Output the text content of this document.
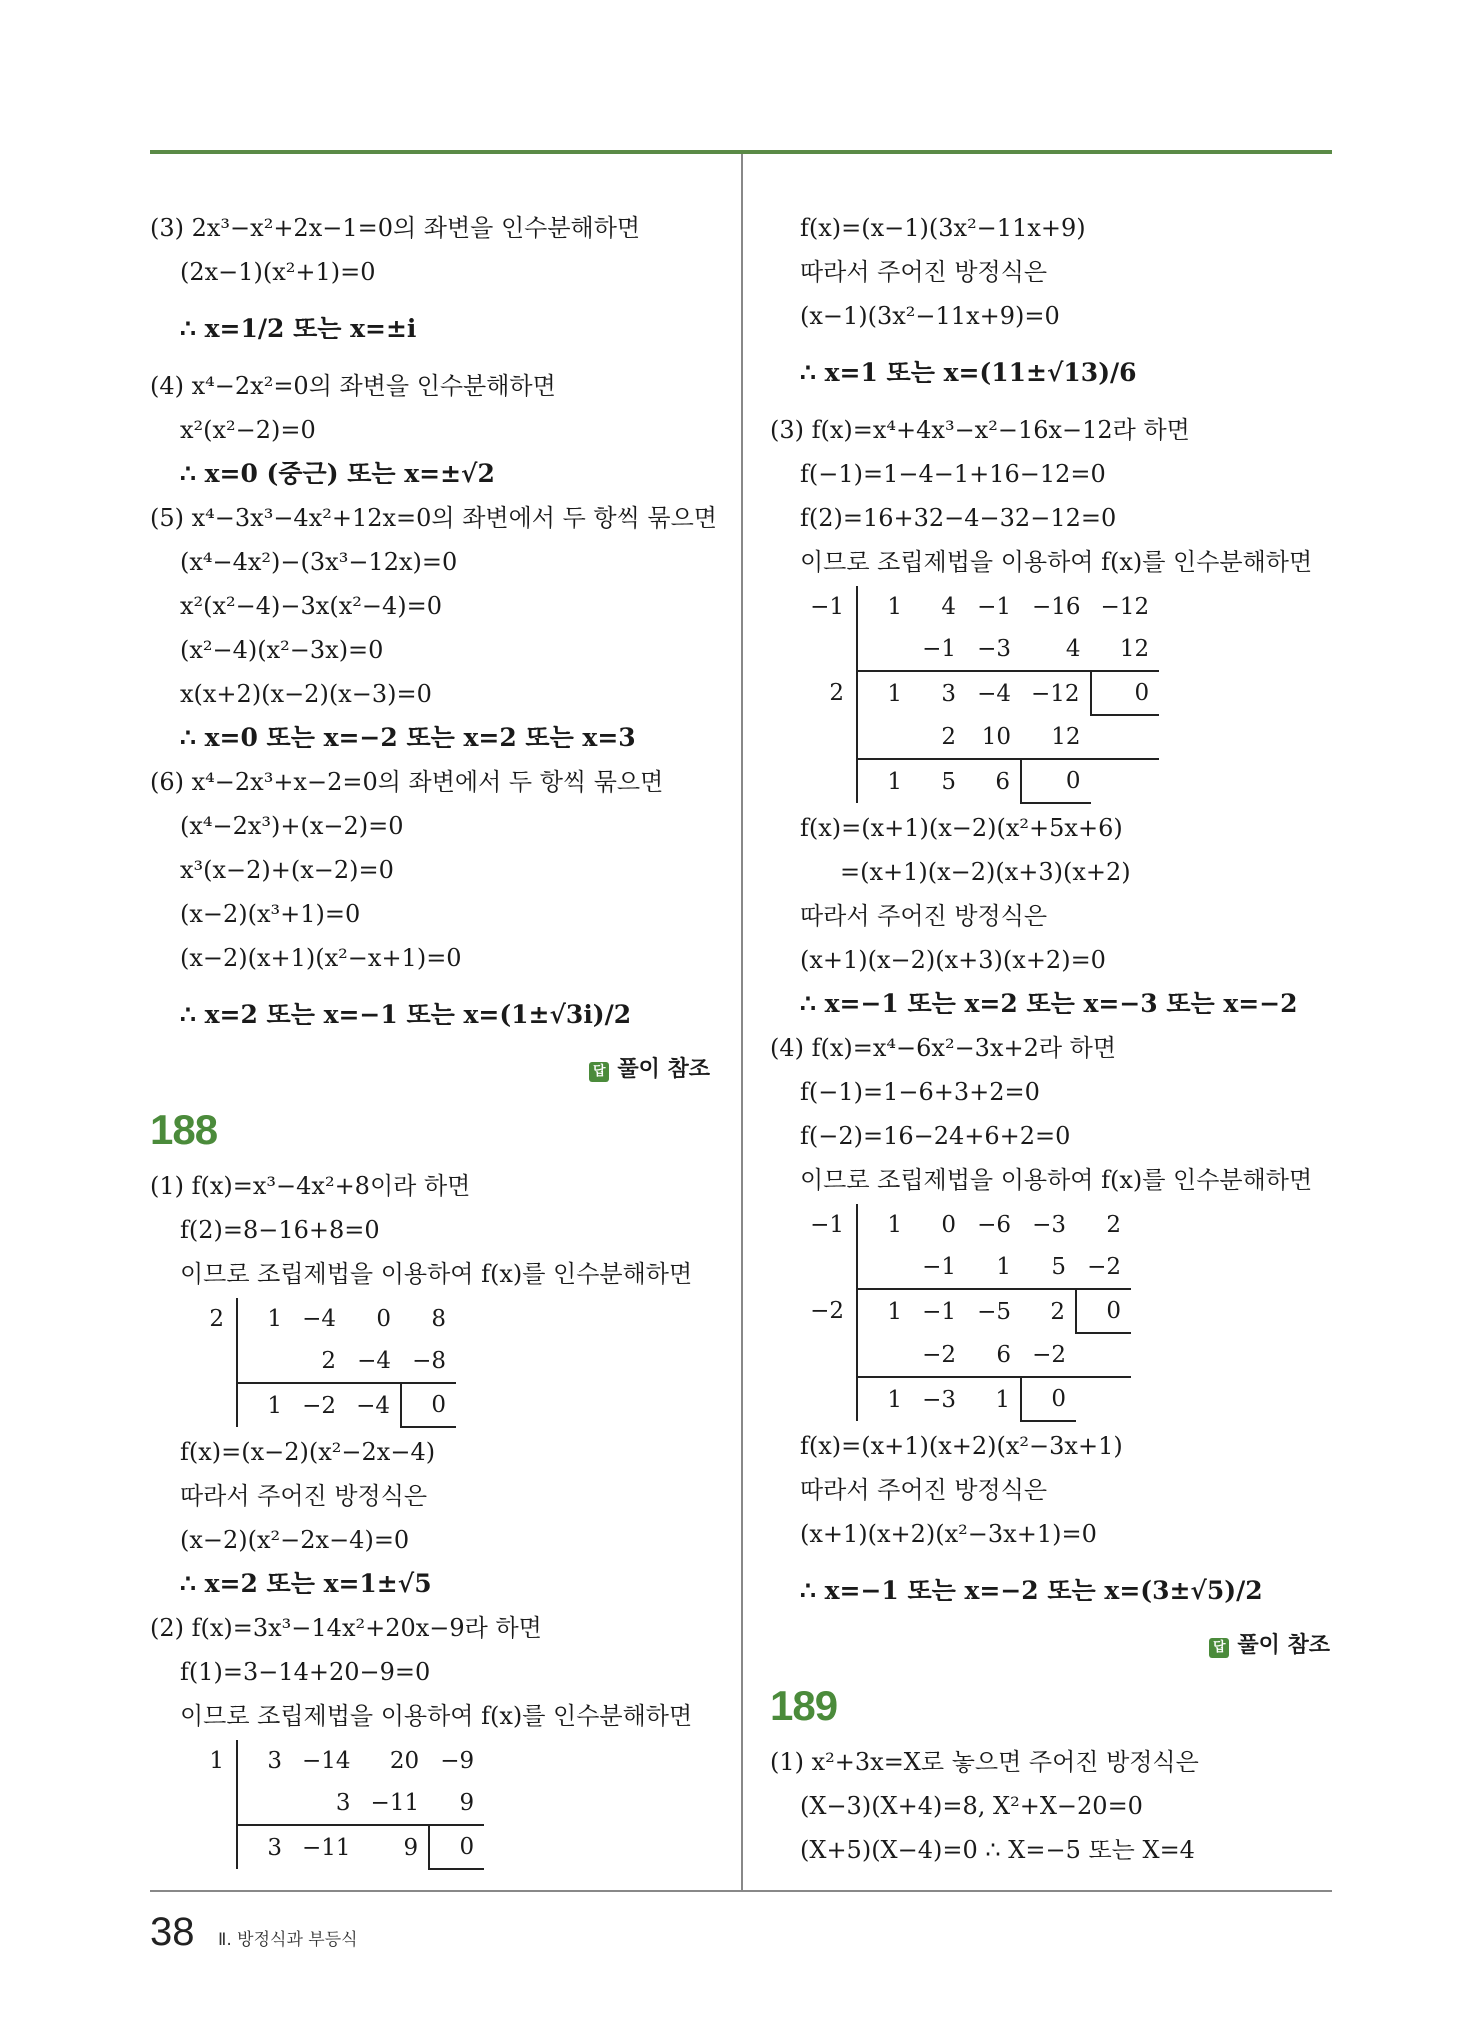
(3) 2x³−x²+2x−1=0의 좌변을 인수분해하면
(2x−1)(x²+1)=0
∴ x=1/2 또는 x=±i
(4) x⁴−2x²=0의 좌변을 인수분해하면
x²(x²−2)=0
∴ x=0 (중근) 또는 x=±√2
(5) x⁴−3x³−4x²+12x=0의 좌변에서 두 항씩 묶으면
(x⁴−4x²)−(3x³−12x)=0
x²(x²−4)−3x(x²−4)=0
(x²−4)(x²−3x)=0
x(x+2)(x−2)(x−3)=0
∴ x=0 또는 x=−2 또는 x=2 또는 x=3
(6) x⁴−2x³+x−2=0의 좌변에서 두 항씩 묶으면
(x⁴−2x³)+(x−2)=0
x³(x−2)+(x−2)=0
(x−2)(x³+1)=0
(x−2)(x+1)(x²−x+1)=0
∴ x=2 또는 x=−1 또는 x=(1±√3i)/2
답 풀이 참조
188
(1) f(x)=x³−4x²+8이라 하면
f(2)=8−16+8=0
이므로 조립제법을 이용하여 f(x)를 인수분해하면
2	1	−4	0	8
		2	−4	−8
	1	−2	−4	0
f(x)=(x−2)(x²−2x−4)
따라서 주어진 방정식은
(x−2)(x²−2x−4)=0
∴ x=2 또는 x=1±√5
(2) f(x)=3x³−14x²+20x−9라 하면
f(1)=3−14+20−9=0
이므로 조립제법을 이용하여 f(x)를 인수분해하면
1	3	−14	20	−9
		3	−11	9
	3	−11	9	0
f(x)=(x−1)(3x²−11x+9)
따라서 주어진 방정식은
(x−1)(3x²−11x+9)=0
∴ x=1 또는 x=(11±√13)/6
(3) f(x)=x⁴+4x³−x²−16x−12라 하면
f(−1)=1−4−1+16−12=0
f(2)=16+32−4−32−12=0
이므로 조립제법을 이용하여 f(x)를 인수분해하면
−1	1	4	−1	−16	−12
		−1	−3	4	12
2	1	3	−4	−12	0
		2	10	12	
	1	5	6	0	
f(x)=(x+1)(x−2)(x²+5x+6)
=(x+1)(x−2)(x+3)(x+2)
따라서 주어진 방정식은
(x+1)(x−2)(x+3)(x+2)=0
∴ x=−1 또는 x=2 또는 x=−3 또는 x=−2
(4) f(x)=x⁴−6x²−3x+2라 하면
f(−1)=1−6+3+2=0
f(−2)=16−24+6+2=0
이므로 조립제법을 이용하여 f(x)를 인수분해하면
−1	1	0	−6	−3	2
		−1	1	5	−2
−2	1	−1	−5	2	0
		−2	6	−2	
	1	−3	1	0	
f(x)=(x+1)(x+2)(x²−3x+1)
따라서 주어진 방정식은
(x+1)(x+2)(x²−3x+1)=0
∴ x=−1 또는 x=−2 또는 x=(3±√5)/2
답 풀이 참조
189
(1) x²+3x=X로 놓으면 주어진 방정식은
(X−3)(X+4)=8, X²+X−20=0
(X+5)(X−4)=0 ∴ X=−5 또는 X=4
38 Ⅱ. 방정식과 부등식
